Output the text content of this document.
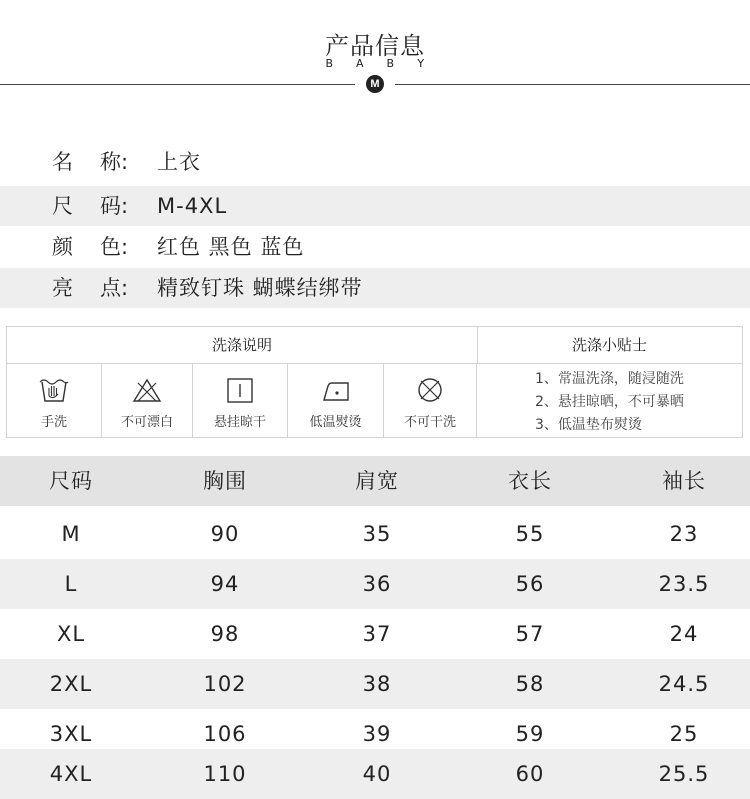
产品信息
B A B Y
M
名 称: 上衣
尺 码: M-4XL
颜 色: 红色 黑色 蓝色
亮 点: 精致钉珠 蝴蝶结绑带
洗涤说明	洗涤小贴士
手洗	不可漂白	悬挂晾干	低温熨烫	不可干洗
1、常温洗涤，随浸随洗
2、悬挂晾晒，不可暴晒
3、低温垫布熨烫
尺码	胸围	肩宽	衣长	袖长
M	90	35	55	23
L	94	36	56	23.5
XL	98	37	57	24
2XL	102	38	58	24.5
3XL	106	39	59	25
4XL	110	40	60	25.5
